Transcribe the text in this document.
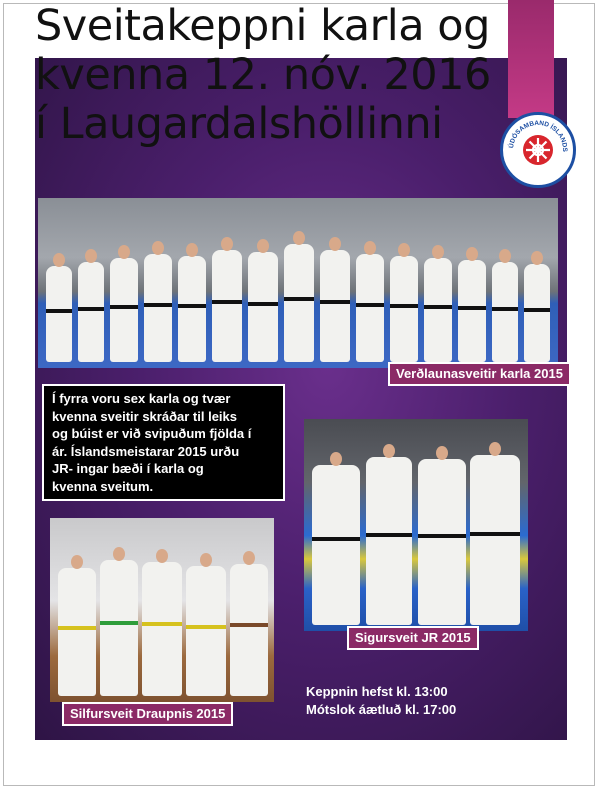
Sveitakeppni karla og
kvenna 12. nóv. 2016
í Laugardalshöllinni	ÚDÓSAMBAND ÍSLANDS
Verðlaunasveitir karla 2015
Í fyrra voru sex karla og tvær
kvenna sveitir skráðar til leiks
og búist er við svipuðum fjölda í
ár. Íslandsmeistarar 2015 urðu
JR- ingar bæði í karla og
kvenna sveitum.
Sigursveit JR 2015
Silfursveit Draupnis 2015
Keppnin hefst kl. 13:00
Mótslok áætluð kl. 17:00
